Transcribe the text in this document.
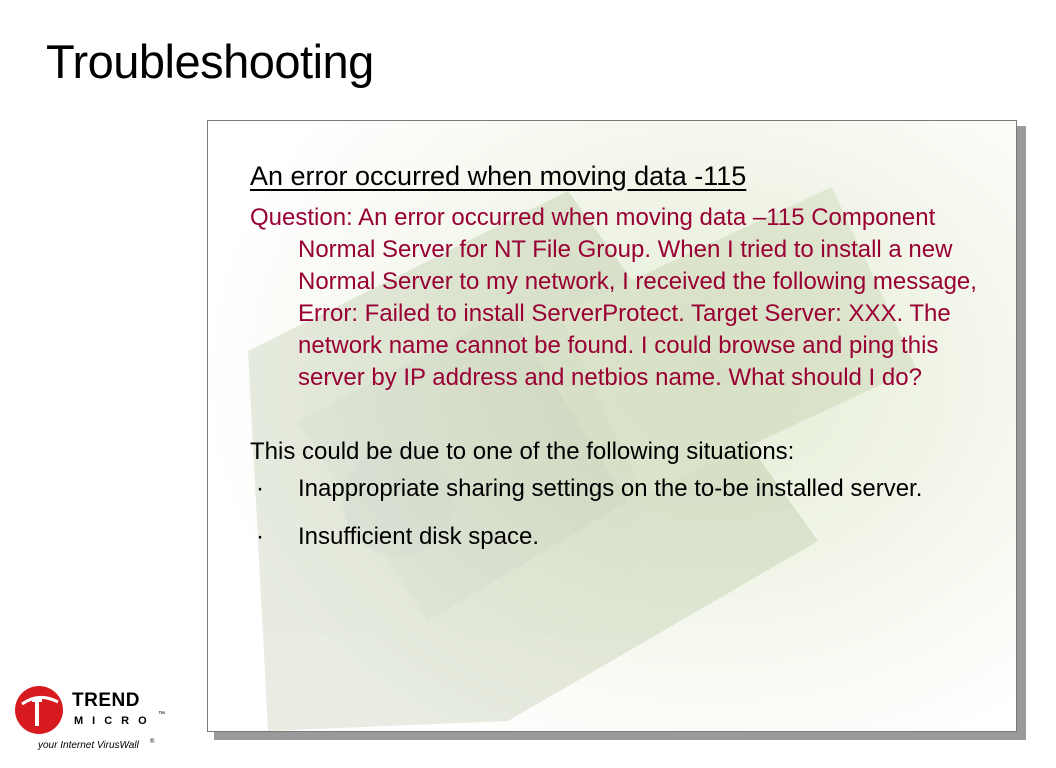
Troubleshooting

An error occurred when moving data -115

Question: An error occurred when moving data –115 Component Normal Server for NT File Group. When I tried to install a new Normal Server to my network, I received the following message, Error: Failed to install ServerProtect. Target Server: XXX. The network name cannot be found. I could browse and ping this server by IP address and netbios name. What should I do?

This could be due to one of the following situations:

· Inappropriate sharing settings on the to-be installed server.
· Insufficient disk space.
TREND
MICRO
™
your Internet VirusWall ®
